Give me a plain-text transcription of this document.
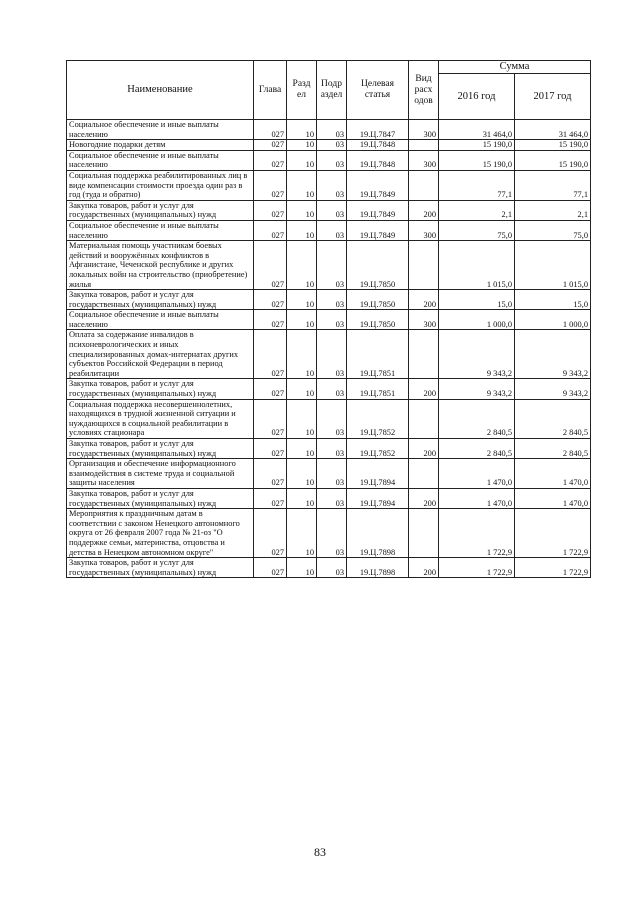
Наименование	Глава	Разд ел	Подр аздел	Целевая статья	Вид расх одов	Сумма	
						2016 год	2017 год
Социальное обеспечение и иные выплаты населению	027	10	03	19.Ц.7847	300	31 464,0	31 464,0
Новогодние подарки детям	027	10	03	19.Ц.7848		15 190,0	15 190,0
Социальное обеспечение и иные выплаты населению	027	10	03	19.Ц.7848	300	15 190,0	15 190,0
Социальная поддержка реабилитированных лиц в виде компенсации стоимости проезда один раз в год (туда и обратно)	027	10	03	19.Ц.7849		77,1	77,1
Закупка товаров, работ и услуг для государственных (муниципальных) нужд	027	10	03	19.Ц.7849	200	2,1	2,1
Социальное обеспечение и иные выплаты населению	027	10	03	19.Ц.7849	300	75,0	75,0
Материальная помощь участникам боевых действий и вооружённых конфликтов в Афганистане, Чеченской республике и других локальных войн на строительство (приобретение) жилья	027	10	03	19.Ц.7850		1 015,0	1 015,0
Закупка товаров, работ и услуг для государственных (муниципальных) нужд	027	10	03	19.Ц.7850	200	15,0	15,0
Социальное обеспечение и иные выплаты населению	027	10	03	19.Ц.7850	300	1 000,0	1 000,0
Оплата за содержание инвалидов в психоневрологических и иных специализированных домах-интернатах других субъектов Российской Федерации в период реабилитации	027	10	03	19.Ц.7851		9 343,2	9 343,2
Закупка товаров, работ и услуг для государственных (муниципальных) нужд	027	10	03	19.Ц.7851	200	9 343,2	9 343,2
Социальная поддержка несовершеннолетних, находящихся в трудной жизненной ситуации и нуждающихся в социальной реабилитации в условиях стационара	027	10	03	19.Ц.7852		2 840,5	2 840,5
Закупка товаров, работ и услуг для государственных (муниципальных) нужд	027	10	03	19.Ц.7852	200	2 840,5	2 840,5
Организация и обеспечение информационного взаимодействия в системе труда и социальной защиты населения	027	10	03	19.Ц.7894		1 470,0	1 470,0
Закупка товаров, работ и услуг для государственных (муниципальных) нужд	027	10	03	19.Ц.7894	200	1 470,0	1 470,0
Мероприятия к праздничным датам в соответствии с законом Ненецкого автономного округа от 26 февраля 2007 года № 21-оз "О поддержке семьи, материнства, отцовства и детства в Ненецком автономном округе"	027	10	03	19.Ц.7898		1 722,9	1 722,9
Закупка товаров, работ и услуг для государственных (муниципальных) нужд	027	10	03	19.Ц.7898	200	1 722,9	1 722,9
83
